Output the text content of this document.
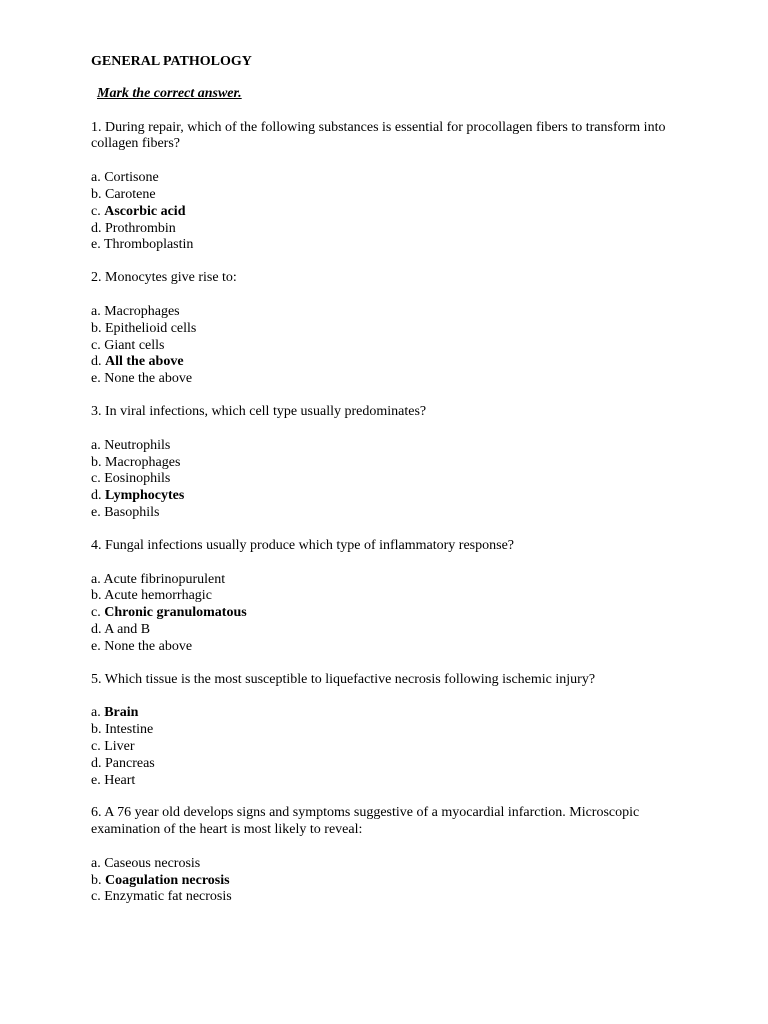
GENERAL PATHOLOGY
Mark the correct answer.
1. During repair, which of the following substances is essential for procollagen fibers to transform into collagen fibers?
a. Cortisone
b. Carotene
c. Ascorbic acid
d. Prothrombin
e. Thromboplastin
2. Monocytes give rise to:
a. Macrophages
b. Epithelioid cells
c. Giant cells
d. All the above
e. None the above
3. In viral infections, which cell type usually predominates?
a. Neutrophils
b. Macrophages
c. Eosinophils
d. Lymphocytes
e. Basophils
4. Fungal infections usually produce which type of inflammatory response?
a. Acute fibrinopurulent
b. Acute hemorrhagic
c. Chronic granulomatous
d. A and B
e. None the above
5. Which tissue is the most susceptible to liquefactive necrosis following ischemic injury?
a. Brain
b. Intestine
c. Liver
d. Pancreas
e. Heart
6. A 76 year old develops signs and symptoms suggestive of a myocardial infarction. Microscopic examination of the heart is most likely to reveal:
a. Caseous necrosis
b. Coagulation necrosis
c. Enzymatic fat necrosis
